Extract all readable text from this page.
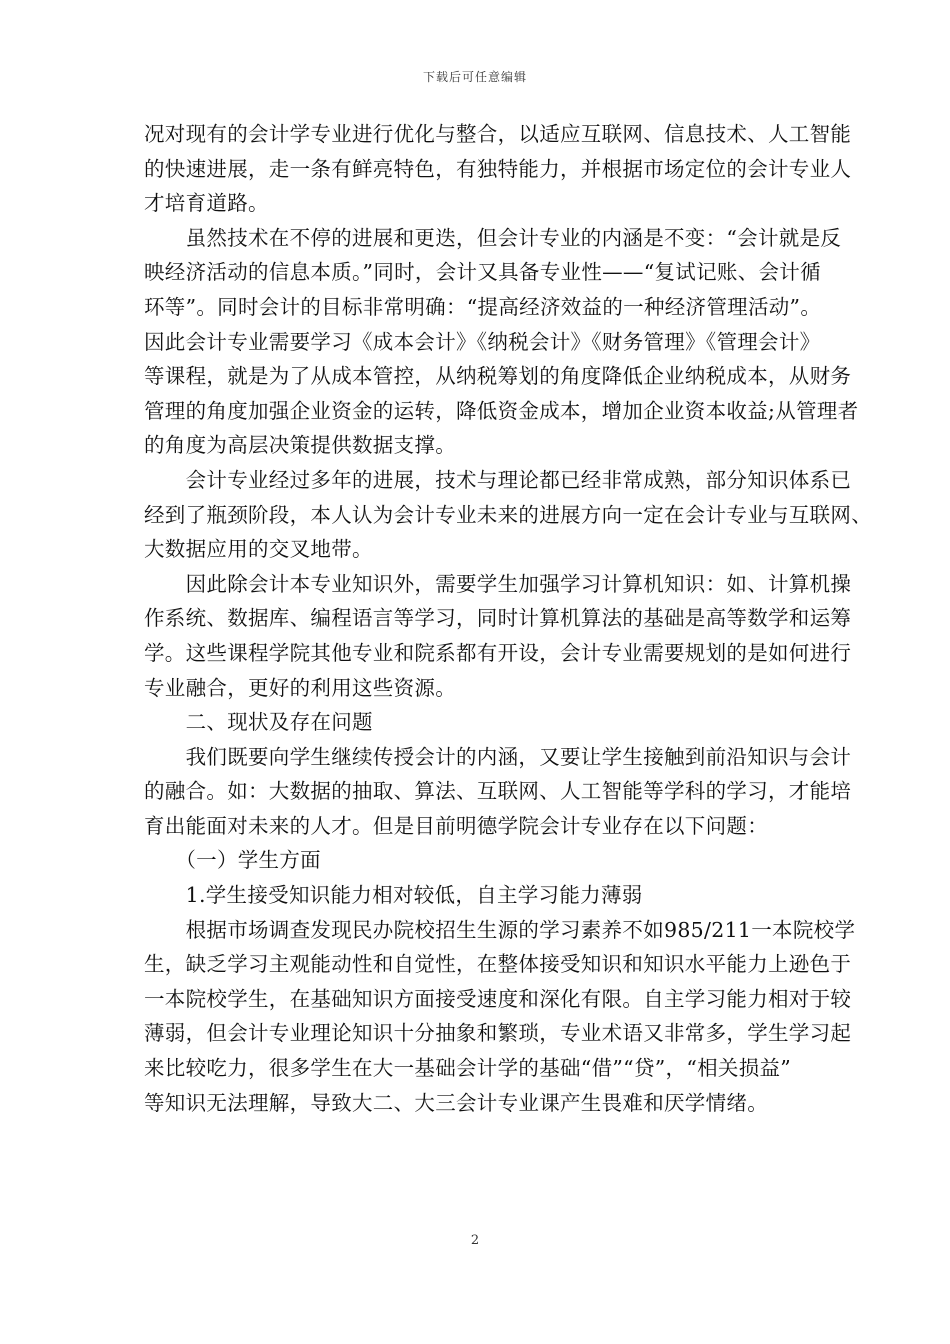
下载后可任意编辑
况对现有的会计学专业进行优化与整合，以适应互联网、信息技术、人工智能
的快速进展，走一条有鲜亮特色，有独特能力，并根据市场定位的会计专业人
才培育道路。
　　虽然技术在不停的进展和更迭，但会计专业的内涵是不变：“会计就是反
映经济活动的信息本质。”同时，会计又具备专业性——“复试记账、会计循
环等”。同时会计的目标非常明确：“提高经济效益的一种经济管理活动”。
因此会计专业需要学习《成本会计》《纳税会计》《财务管理》《管理会计》
等课程，就是为了从成本管控，从纳税筹划的角度降低企业纳税成本，从财务
管理的角度加强企业资金的运转，降低资金成本，增加企业资本收益;从管理者
的角度为高层决策提供数据支撑。
　　会计专业经过多年的进展，技术与理论都已经非常成熟，部分知识体系已
经到了瓶颈阶段，本人认为会计专业未来的进展方向一定在会计专业与互联网、
大数据应用的交叉地带。
　　因此除会计本专业知识外，需要学生加强学习计算机知识：如、计算机操
作系统、数据库、编程语言等学习，同时计算机算法的基础是高等数学和运筹
学。这些课程学院其他专业和院系都有开设，会计专业需要规划的是如何进行
专业融合，更好的利用这些资源。
　　二、现状及存在问题
　　我们既要向学生继续传授会计的内涵，又要让学生接触到前沿知识与会计
的融合。如：大数据的抽取、算法、互联网、人工智能等学科的学习，才能培
育出能面对未来的人才。但是目前明德学院会计专业存在以下问题：
　　（一）学生方面
　　1.学生接受知识能力相对较低，自主学习能力薄弱
　　根据市场调查发现民办院校招生生源的学习素养不如985/211一本院校学
生，缺乏学习主观能动性和自觉性，在整体接受知识和知识水平能力上逊色于
一本院校学生，在基础知识方面接受速度和深化有限。自主学习能力相对于较
薄弱，但会计专业理论知识十分抽象和繁琐，专业术语又非常多，学生学习起
来比较吃力，很多学生在大一基础会计学的基础“借”“贷”，“相关损益”
等知识无法理解，导致大二、大三会计专业课产生畏难和厌学情绪。
2
